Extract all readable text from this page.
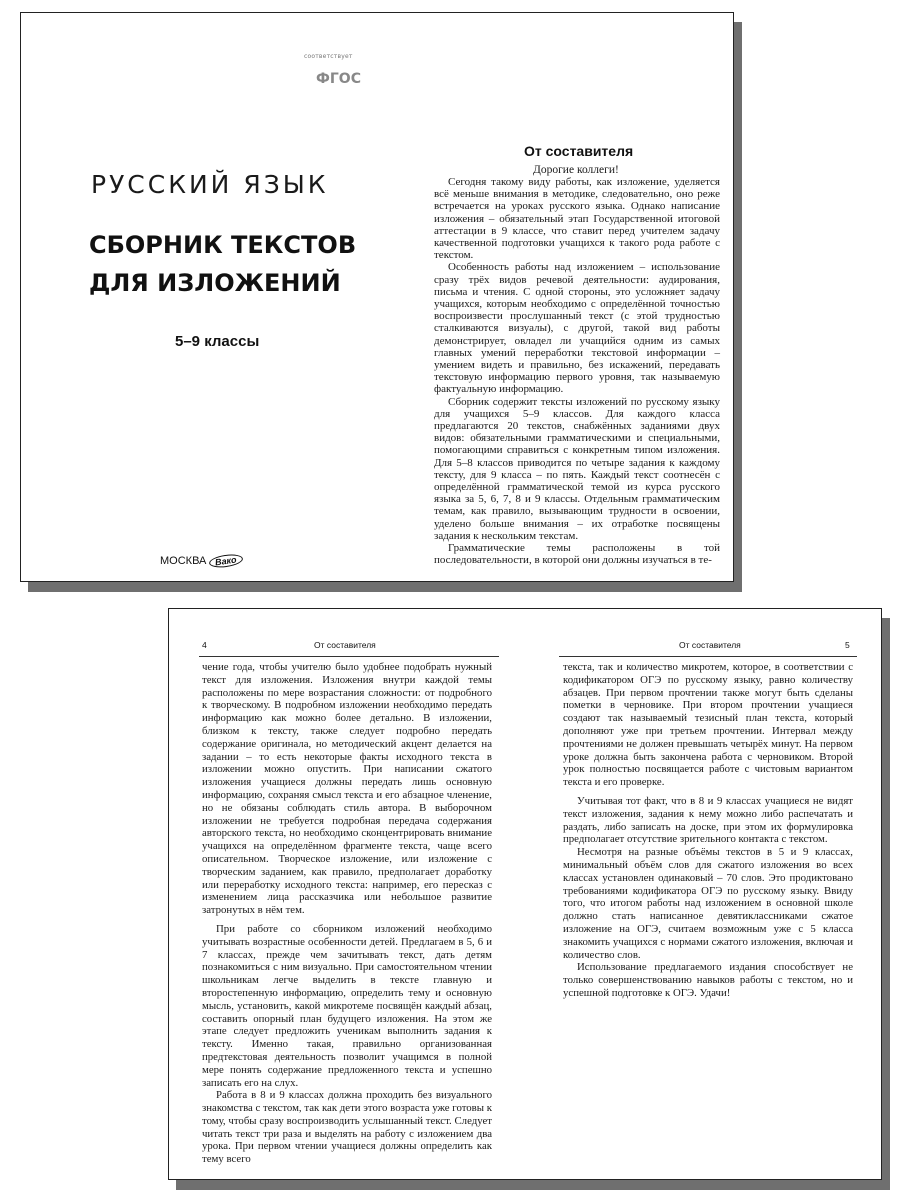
соответствует
ФГОС
РУССКИЙ ЯЗЫК
СБОРНИК ТЕКСТОВ
ДЛЯ ИЗЛОЖЕНИЙ
5–9 классы
МОСКВА Вако
От составителя
Дорогие коллеги!

Сегодня такому виду работы, как изложение, уделяется всё меньше внимания в методике, следовательно, оно реже встречается на уроках русского языка. Однако написание изложения – обязательный этап Государственной итоговой аттестации в 9 классе, что ставит перед учителем задачу качественной подготовки учащихся к такого рода работе с текстом.

Особенность работы над изложением – использование сразу трёх видов речевой деятельности: аудирования, письма и чтения. С одной стороны, это усложняет задачу учащихся, которым необходимо с определённой точностью воспроизвести прослушанный текст (с этой трудностью сталкиваются визуалы), с другой, такой вид работы демонстрирует, овладел ли учащийся одним из самых главных умений переработки текстовой информации – умением видеть и правильно, без искажений, передавать текстовую информацию первого уровня, так называемую фактуальную информацию.

Сборник содержит тексты изложений по русскому языку для учащихся 5–9 классов. Для каждого класса предлагаются 20 текстов, снабжённых заданиями двух видов: обязательными грамматическими и специальными, помогающими справиться с конкретным типом изложения. Для 5–8 классов приводится по четыре задания к каждому тексту, для 9 класса – по пять. Каждый текст соотнесён с определённой грамматической темой из курса русского языка за 5, 6, 7, 8 и 9 классы. Отдельным грамматическим темам, как правило, вызывающим трудности в освоении, уделено больше внимания – их отработке посвящены задания к нескольким текстам.

Грамматические темы расположены в той последовательности, в которой они должны изучаться в те-

4	От составителя

чение года, чтобы учителю было удобнее подобрать нужный текст для изложения. Изложения внутри каждой темы расположены по мере возрастания сложности: от подробного к творческому. В подробном изложении необходимо передать информацию как можно более детально. В изложении, близком к тексту, также следует подробно передать содержание оригинала, но методический акцент делается на задании – то есть некоторые факты исходного текста в изложении можно опустить. При написании сжатого изложения учащиеся должны передать лишь основную информацию, сохраняя смысл текста и его абзацное членение, но не обязаны соблюдать стиль автора. В выборочном изложении не требуется подробная передача содержания авторского текста, но необходимо сконцентрировать внимание учащихся на определённом фрагменте текста, чаще всего описательном. Творческое изложение, или изложение с творческим заданием, как правило, предполагает доработку или переработку исходного текста: например, его пересказ с изменением лица рассказчика или небольшое развитие затронутых в нём тем.

При работе со сборником изложений необходимо учитывать возрастные особенности детей. Предлагаем в 5, 6 и 7 классах, прежде чем зачитывать текст, дать детям познакомиться с ним визуально. При самостоятельном чтении школьникам легче выделить в тексте главную и второстепенную информацию, определить тему и основную мысль, установить, какой микротеме посвящён каждый абзац, составить опорный план будущего изложения. На этом же этапе следует предложить ученикам выполнить задания к тексту. Именно такая, правильно организованная предтекстовая деятельность позволит учащимся в полной мере понять содержание предложенного текста и успешно записать его на слух.

Работа в 8 и 9 классах должна проходить без визуального знакомства с текстом, так как дети этого возраста уже готовы к тому, чтобы сразу воспроизводить услышанный текст. Следует читать текст три раза и выделять на работу с изложением два урока. При первом чтении учащиеся должны определить как тему всего

От составителя	5

текста, так и количество микротем, которое, в соответствии с кодификатором ОГЭ по русскому языку, равно количеству абзацев. При первом прочтении также могут быть сделаны пометки в черновике. При втором прочтении учащиеся создают так называемый тезисный план текста, который дополняют уже при третьем прочтении. Интервал между прочтениями не должен превышать четырёх минут. На первом уроке должна быть закончена работа с черновиком. Второй урок полностью посвящается работе с чистовым вариантом текста и его проверке.

Учитывая тот факт, что в 8 и 9 классах учащиеся не видят текст изложения, задания к нему можно либо распечатать и раздать, либо записать на доске, при этом их формулировка предполагает отсутствие зрительного контакта с текстом.

Несмотря на разные объёмы текстов в 5 и 9 классах, минимальный объём слов для сжатого изложения во всех классах установлен одинаковый – 70 слов. Это продиктовано требованиями кодификатора ОГЭ по русскому языку. Ввиду того, что итогом работы над изложением в основной школе должно стать написанное девятиклассниками сжатое изложение на ОГЭ, считаем возможным уже с 5 класса знакомить учащихся с нормами сжатого изложения, включая и количество слов.

Использование предлагаемого издания способствует не только совершенствованию навыков работы с текстом, но и успешной подготовке к ОГЭ. Удачи!
